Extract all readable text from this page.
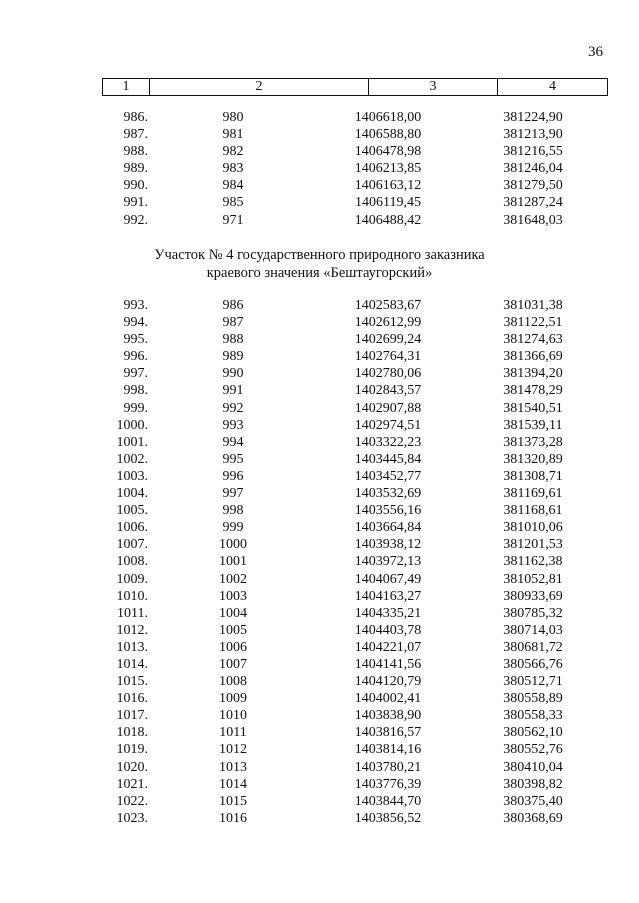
36
1	2	3	4
986.	980	1406618,00	381224,90
987.	981	1406588,80	381213,90
988.	982	1406478,98	381216,55
989.	983	1406213,85	381246,04
990.	984	1406163,12	381279,50
991.	985	1406119,45	381287,24
992.	971	1406488,42	381648,03
Участок № 4 государственного природного заказника
краевого значения «Бештаугорский»
993.	986	1402583,67	381031,38
994.	987	1402612,99	381122,51
995.	988	1402699,24	381274,63
996.	989	1402764,31	381366,69
997.	990	1402780,06	381394,20
998.	991	1402843,57	381478,29
999.	992	1402907,88	381540,51
1000.	993	1402974,51	381539,11
1001.	994	1403322,23	381373,28
1002.	995	1403445,84	381320,89
1003.	996	1403452,77	381308,71
1004.	997	1403532,69	381169,61
1005.	998	1403556,16	381168,61
1006.	999	1403664,84	381010,06
1007.	1000	1403938,12	381201,53
1008.	1001	1403972,13	381162,38
1009.	1002	1404067,49	381052,81
1010.	1003	1404163,27	380933,69
1011.	1004	1404335,21	380785,32
1012.	1005	1404403,78	380714,03
1013.	1006	1404221,07	380681,72
1014.	1007	1404141,56	380566,76
1015.	1008	1404120,79	380512,71
1016.	1009	1404002,41	380558,89
1017.	1010	1403838,90	380558,33
1018.	1011	1403816,57	380562,10
1019.	1012	1403814,16	380552,76
1020.	1013	1403780,21	380410,04
1021.	1014	1403776,39	380398,82
1022.	1015	1403844,70	380375,40
1023.	1016	1403856,52	380368,69
